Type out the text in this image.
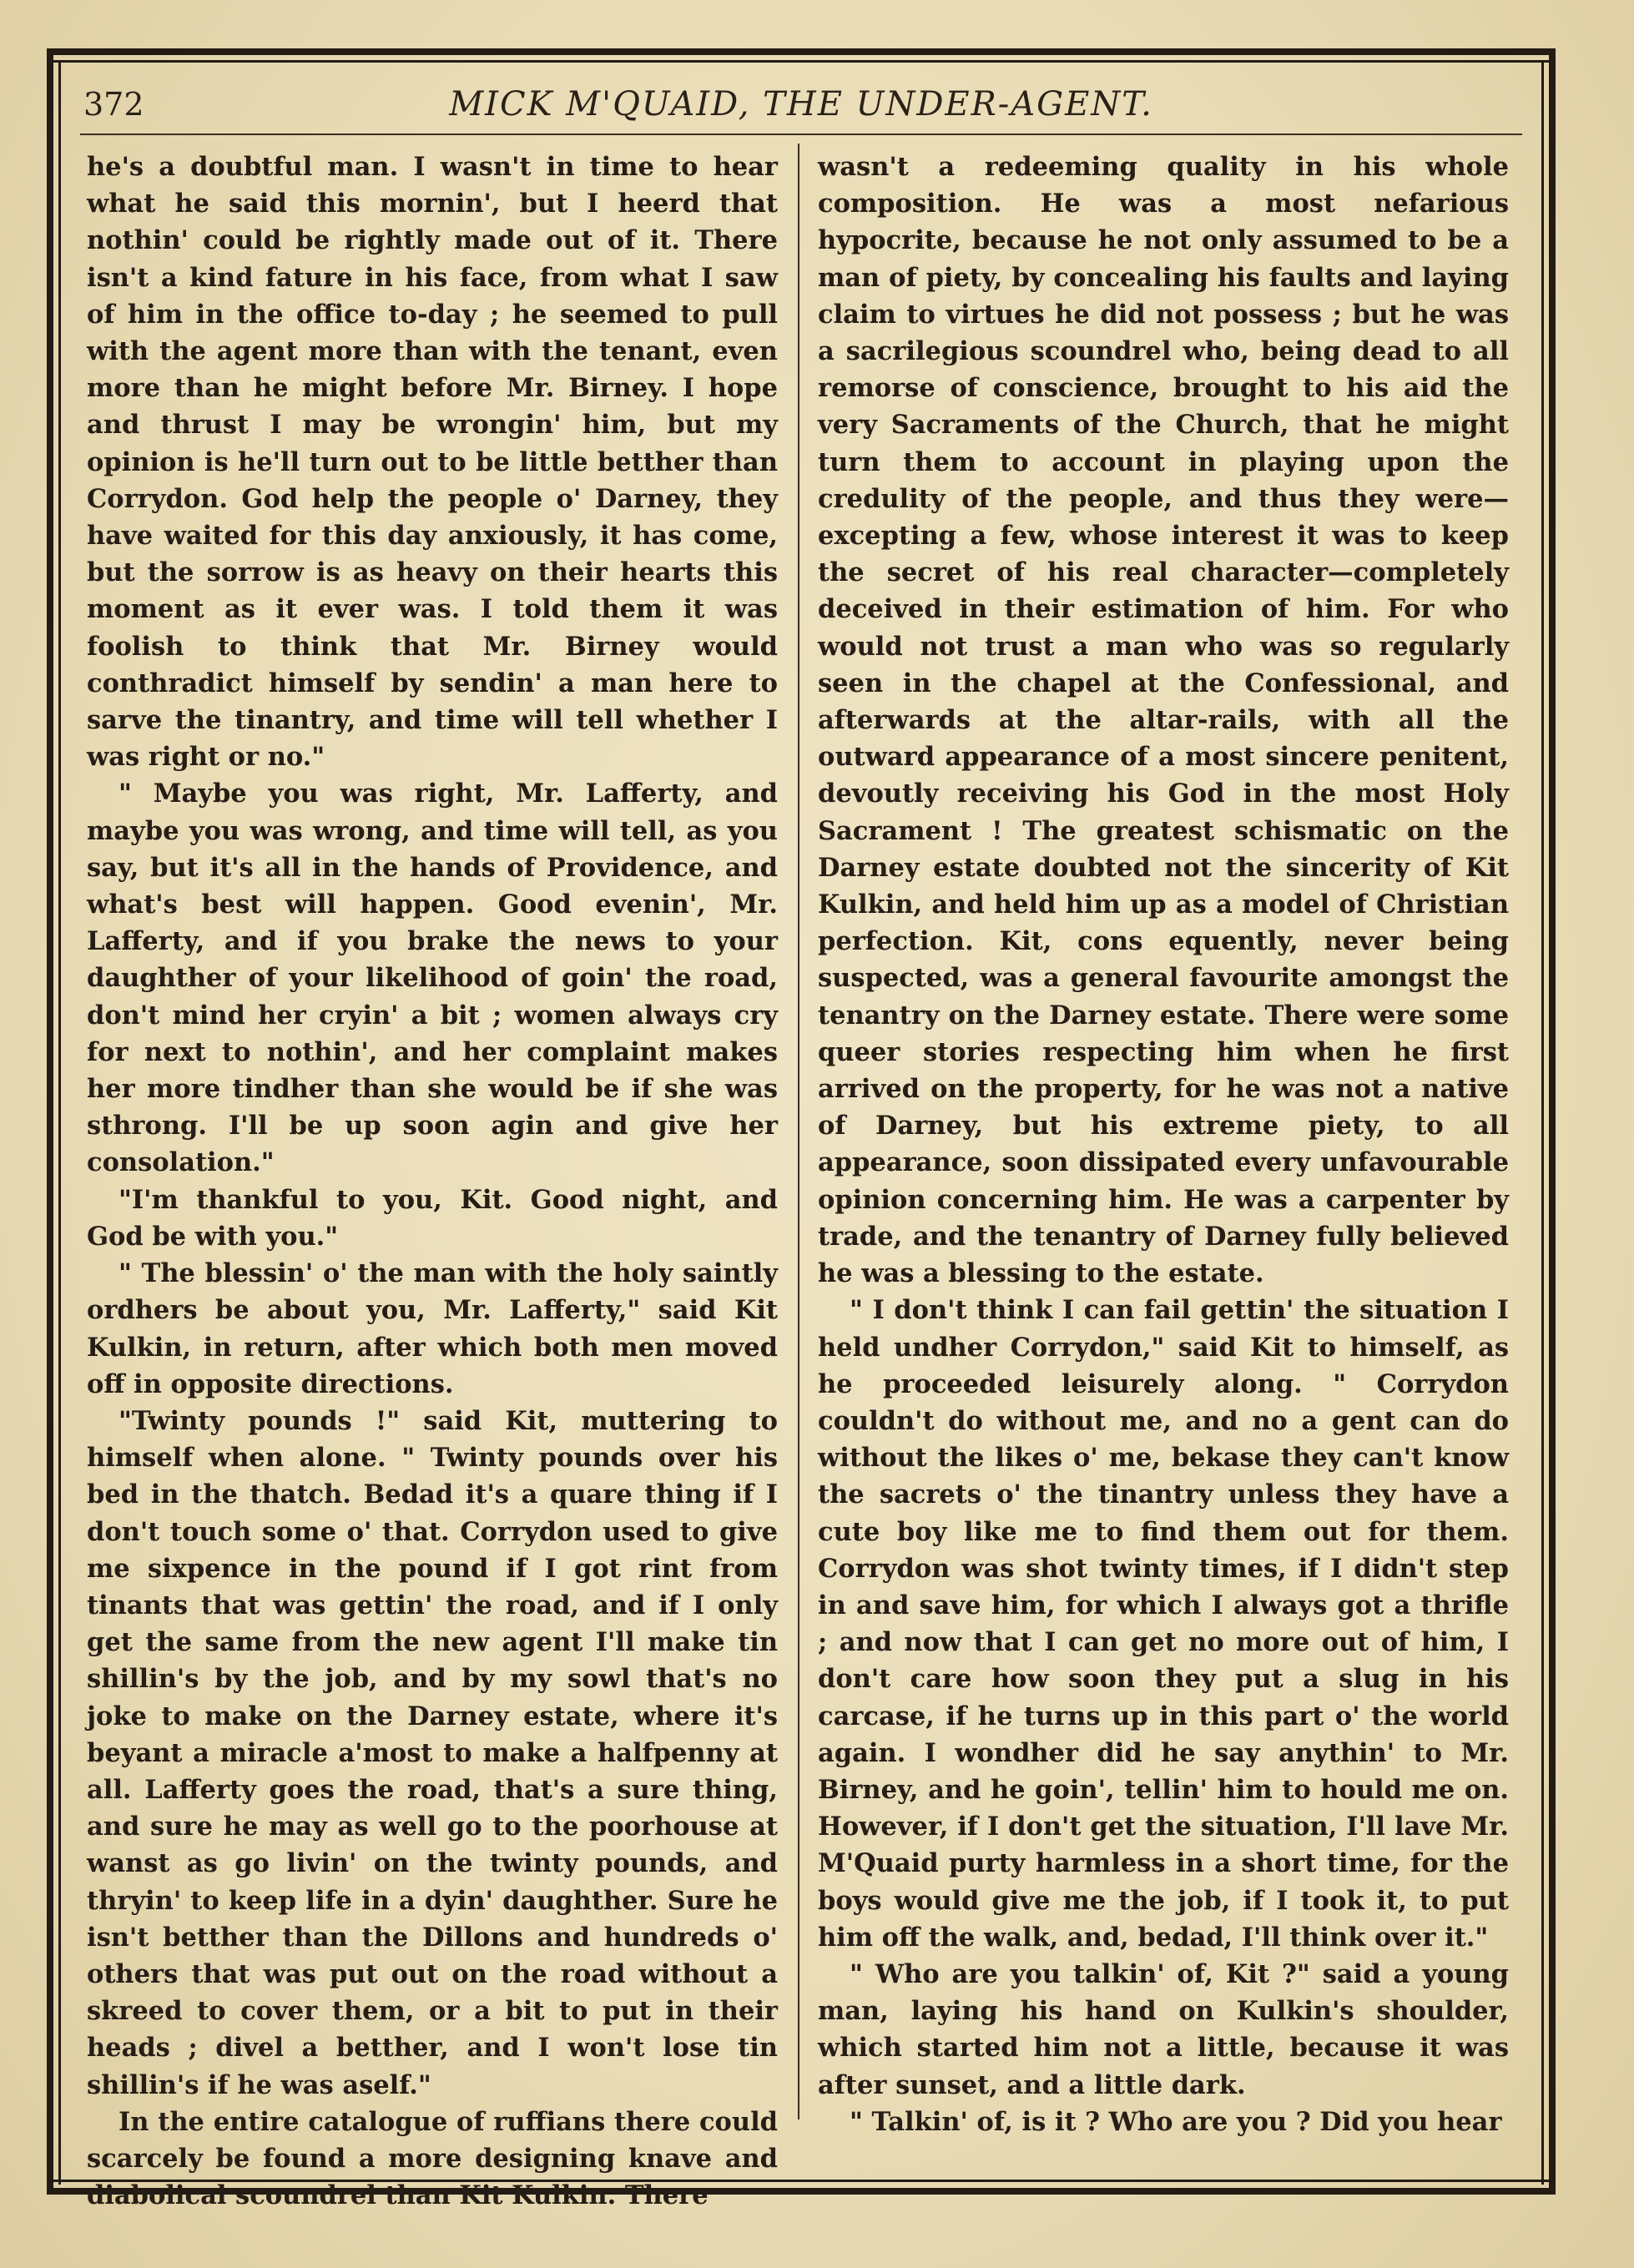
372	MICK M'QUAID, THE UNDER-AGENT.

he's a doubtful man. I wasn't in time to hear what he said this mornin', but I heerd that nothin' could be rightly made out of it. There isn't a kind fature in his face, from what I saw of him in the office to-day ; he seemed to pull with the agent more than with the tenant, even more than he might before Mr. Birney. I hope and thrust I may be wrongin' him, but my opinion is he'll turn out to be little betther than Corrydon. God help the people o' Darney, they have waited for this day anxiously, it has come, but the sorrow is as heavy on their hearts this moment as it ever was. I told them it was foolish to think that Mr. Birney would conthradict himself by sendin' a man here to sarve the tinantry, and time will tell whether I was right or no."

" Maybe you was right, Mr. Lafferty, and maybe you was wrong, and time will tell, as you say, but it's all in the hands of Providence, and what's best will happen. Good evenin', Mr. Lafferty, and if you brake the news to your daughther of your likelihood of goin' the road, don't mind her cryin' a bit ; women always cry for next to nothin', and her complaint makes her more tindher than she would be if she was sthrong. I'll be up soon agin and give her consolation."

"I'm thankful to you, Kit. Good night, and God be with you."

" The blessin' o' the man with the holy saintly ordhers be about you, Mr. Lafferty," said Kit Kulkin, in return, after which both men moved off in opposite directions.

"Twinty pounds !" said Kit, muttering to himself when alone. " Twinty pounds over his bed in the thatch. Bedad it's a quare thing if I don't touch some o' that. Corrydon used to give me sixpence in the pound if I got rint from tinants that was gettin' the road, and if I only get the same from the new agent I'll make tin shillin's by the job, and by my sowl that's no joke to make on the Darney estate, where it's beyant a miracle a'most to make a halfpenny at all. Lafferty goes the road, that's a sure thing, and sure he may as well go to the poorhouse at wanst as go livin' on the twinty pounds, and thryin' to keep life in a dyin' daughther. Sure he isn't betther than the Dillons and hundreds o' others that was put out on the road without a skreed to cover them, or a bit to put in their heads ; divel a betther, and I won't lose tin shillin's if he was aself."

In the entire catalogue of ruffians there could scarcely be found a more designing knave and diabolical scoundrel than Kit Kulkin. There

wasn't a redeeming quality in his whole composition. He was a most nefarious hypocrite, because he not only assumed to be a man of piety, by concealing his faults and laying claim to virtues he did not possess ; but he was a sacrilegious scoundrel who, being dead to all remorse of conscience, brought to his aid the very Sacraments of the Church, that he might turn them to account in playing upon the credulity of the people, and thus they were—excepting a few, whose interest it was to keep the secret of his real character—completely deceived in their estimation of him. For who would not trust a man who was so regularly seen in the chapel at the Confessional, and afterwards at the altar-rails, with all the outward appearance of a most sincere penitent, devoutly receiving his God in the most Holy Sacrament ! The greatest schismatic on the Darney estate doubted not the sincerity of Kit Kulkin, and held him up as a model of Christian perfection. Kit, cons equently, never being suspected, was a general favourite amongst the tenantry on the Darney estate. There were some queer stories respecting him when he first arrived on the property, for he was not a native of Darney, but his extreme piety, to all appearance, soon dissipated every unfavourable opinion concerning him. He was a carpenter by trade, and the tenantry of Darney fully believed he was a blessing to the estate.

" I don't think I can fail gettin' the situation I held undher Corrydon," said Kit to himself, as he proceeded leisurely along. " Corrydon couldn't do without me, and no a gent can do without the likes o' me, bekase they can't know the sacrets o' the tinantry unless they have a cute boy like me to find them out for them. Corrydon was shot twinty times, if I didn't step in and save him, for which I always got a thrifle ; and now that I can get no more out of him, I don't care how soon they put a slug in his carcase, if he turns up in this part o' the world again. I wondher did he say anythin' to Mr. Birney, and he goin', tellin' him to hould me on. However, if I don't get the situation, I'll lave Mr. M'Quaid purty harmless in a short time, for the boys would give me the job, if I took it, to put him off the walk, and, bedad, I'll think over it."

" Who are you talkin' of, Kit ?" said a young man, laying his hand on Kulkin's shoulder, which started him not a little, because it was after sunset, and a little dark.

" Talkin' of, is it ? Who are you ? Did you hear
